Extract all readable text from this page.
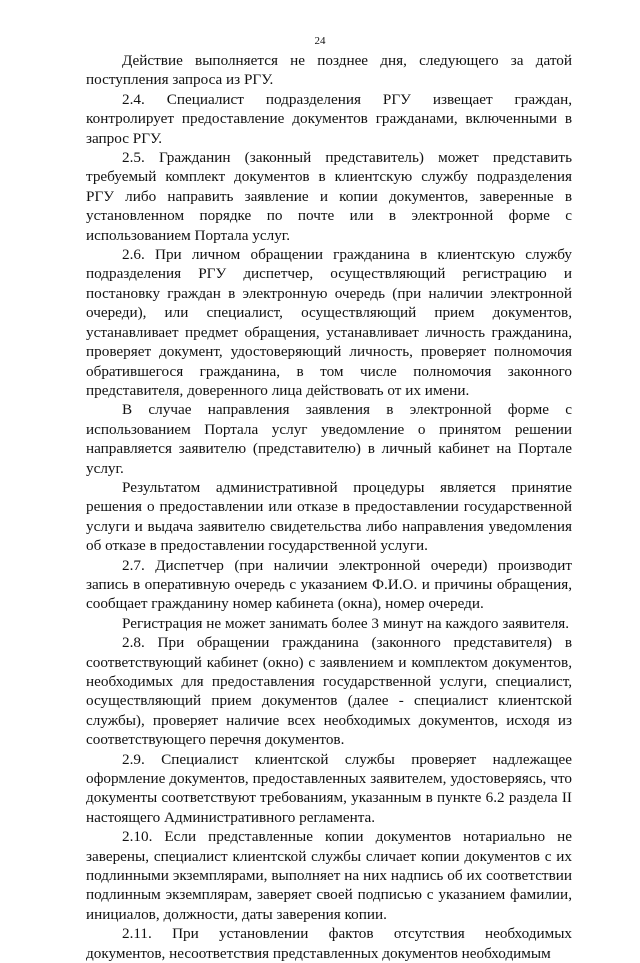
24

Действие выполняется не позднее дня, следующего за датой поступления запроса из РГУ.

2.4. Специалист подразделения РГУ извещает граждан, контролирует предоставление документов гражданами, включенными в запрос РГУ.

2.5. Гражданин (законный представитель) может представить требуемый комплект документов в клиентскую службу подразделения РГУ либо направить заявление и копии документов, заверенные в установленном порядке по почте или в электронной форме с использованием Портала услуг.

2.6. При личном обращении гражданина в клиентскую службу подразделения РГУ диспетчер, осуществляющий регистрацию и постановку граждан в электронную очередь (при наличии электронной очереди), или специалист, осуществляющий прием документов, устанавливает предмет обращения, устанавливает личность гражданина, проверяет документ, удостоверяющий личность, проверяет полномочия обратившегося гражданина, в том числе полномочия законного представителя, доверенного лица действовать от их имени.

В случае направления заявления в электронной форме с использованием Портала услуг уведомление о принятом решении направляется заявителю (представителю) в личный кабинет на Портале услуг.

Результатом административной процедуры является принятие решения о предоставлении или отказе в предоставлении государственной услуги и выдача заявителю свидетельства либо направления уведомления об отказе в предоставлении государственной услуги.

2.7. Диспетчер (при наличии электронной очереди) производит запись в оперативную очередь с указанием Ф.И.О. и причины обращения, сообщает гражданину номер кабинета (окна), номер очереди.

Регистрация не может занимать более 3 минут на каждого заявителя.

2.8. При обращении гражданина (законного представителя) в соответствующий кабинет (окно) с заявлением и комплектом документов, необходимых для предоставления государственной услуги, специалист, осуществляющий прием документов (далее - специалист клиентской службы), проверяет наличие всех необходимых документов, исходя из соответствующего перечня документов.

2.9. Специалист клиентской службы проверяет надлежащее оформление документов, предоставленных заявителем, удостоверяясь, что документы соответствуют требованиям, указанным в пункте 6.2 раздела II настоящего Административного регламента.

2.10. Если представленные копии документов нотариально не заверены, специалист клиентской службы сличает копии документов с их подлинными экземплярами, выполняет на них надпись об их соответствии подлинным экземплярам, заверяет своей подписью с указанием фамилии, инициалов, должности, даты заверения копии.

2.11. При установлении фактов отсутствия необходимых документов, несоответствия представленных документов необходимым
